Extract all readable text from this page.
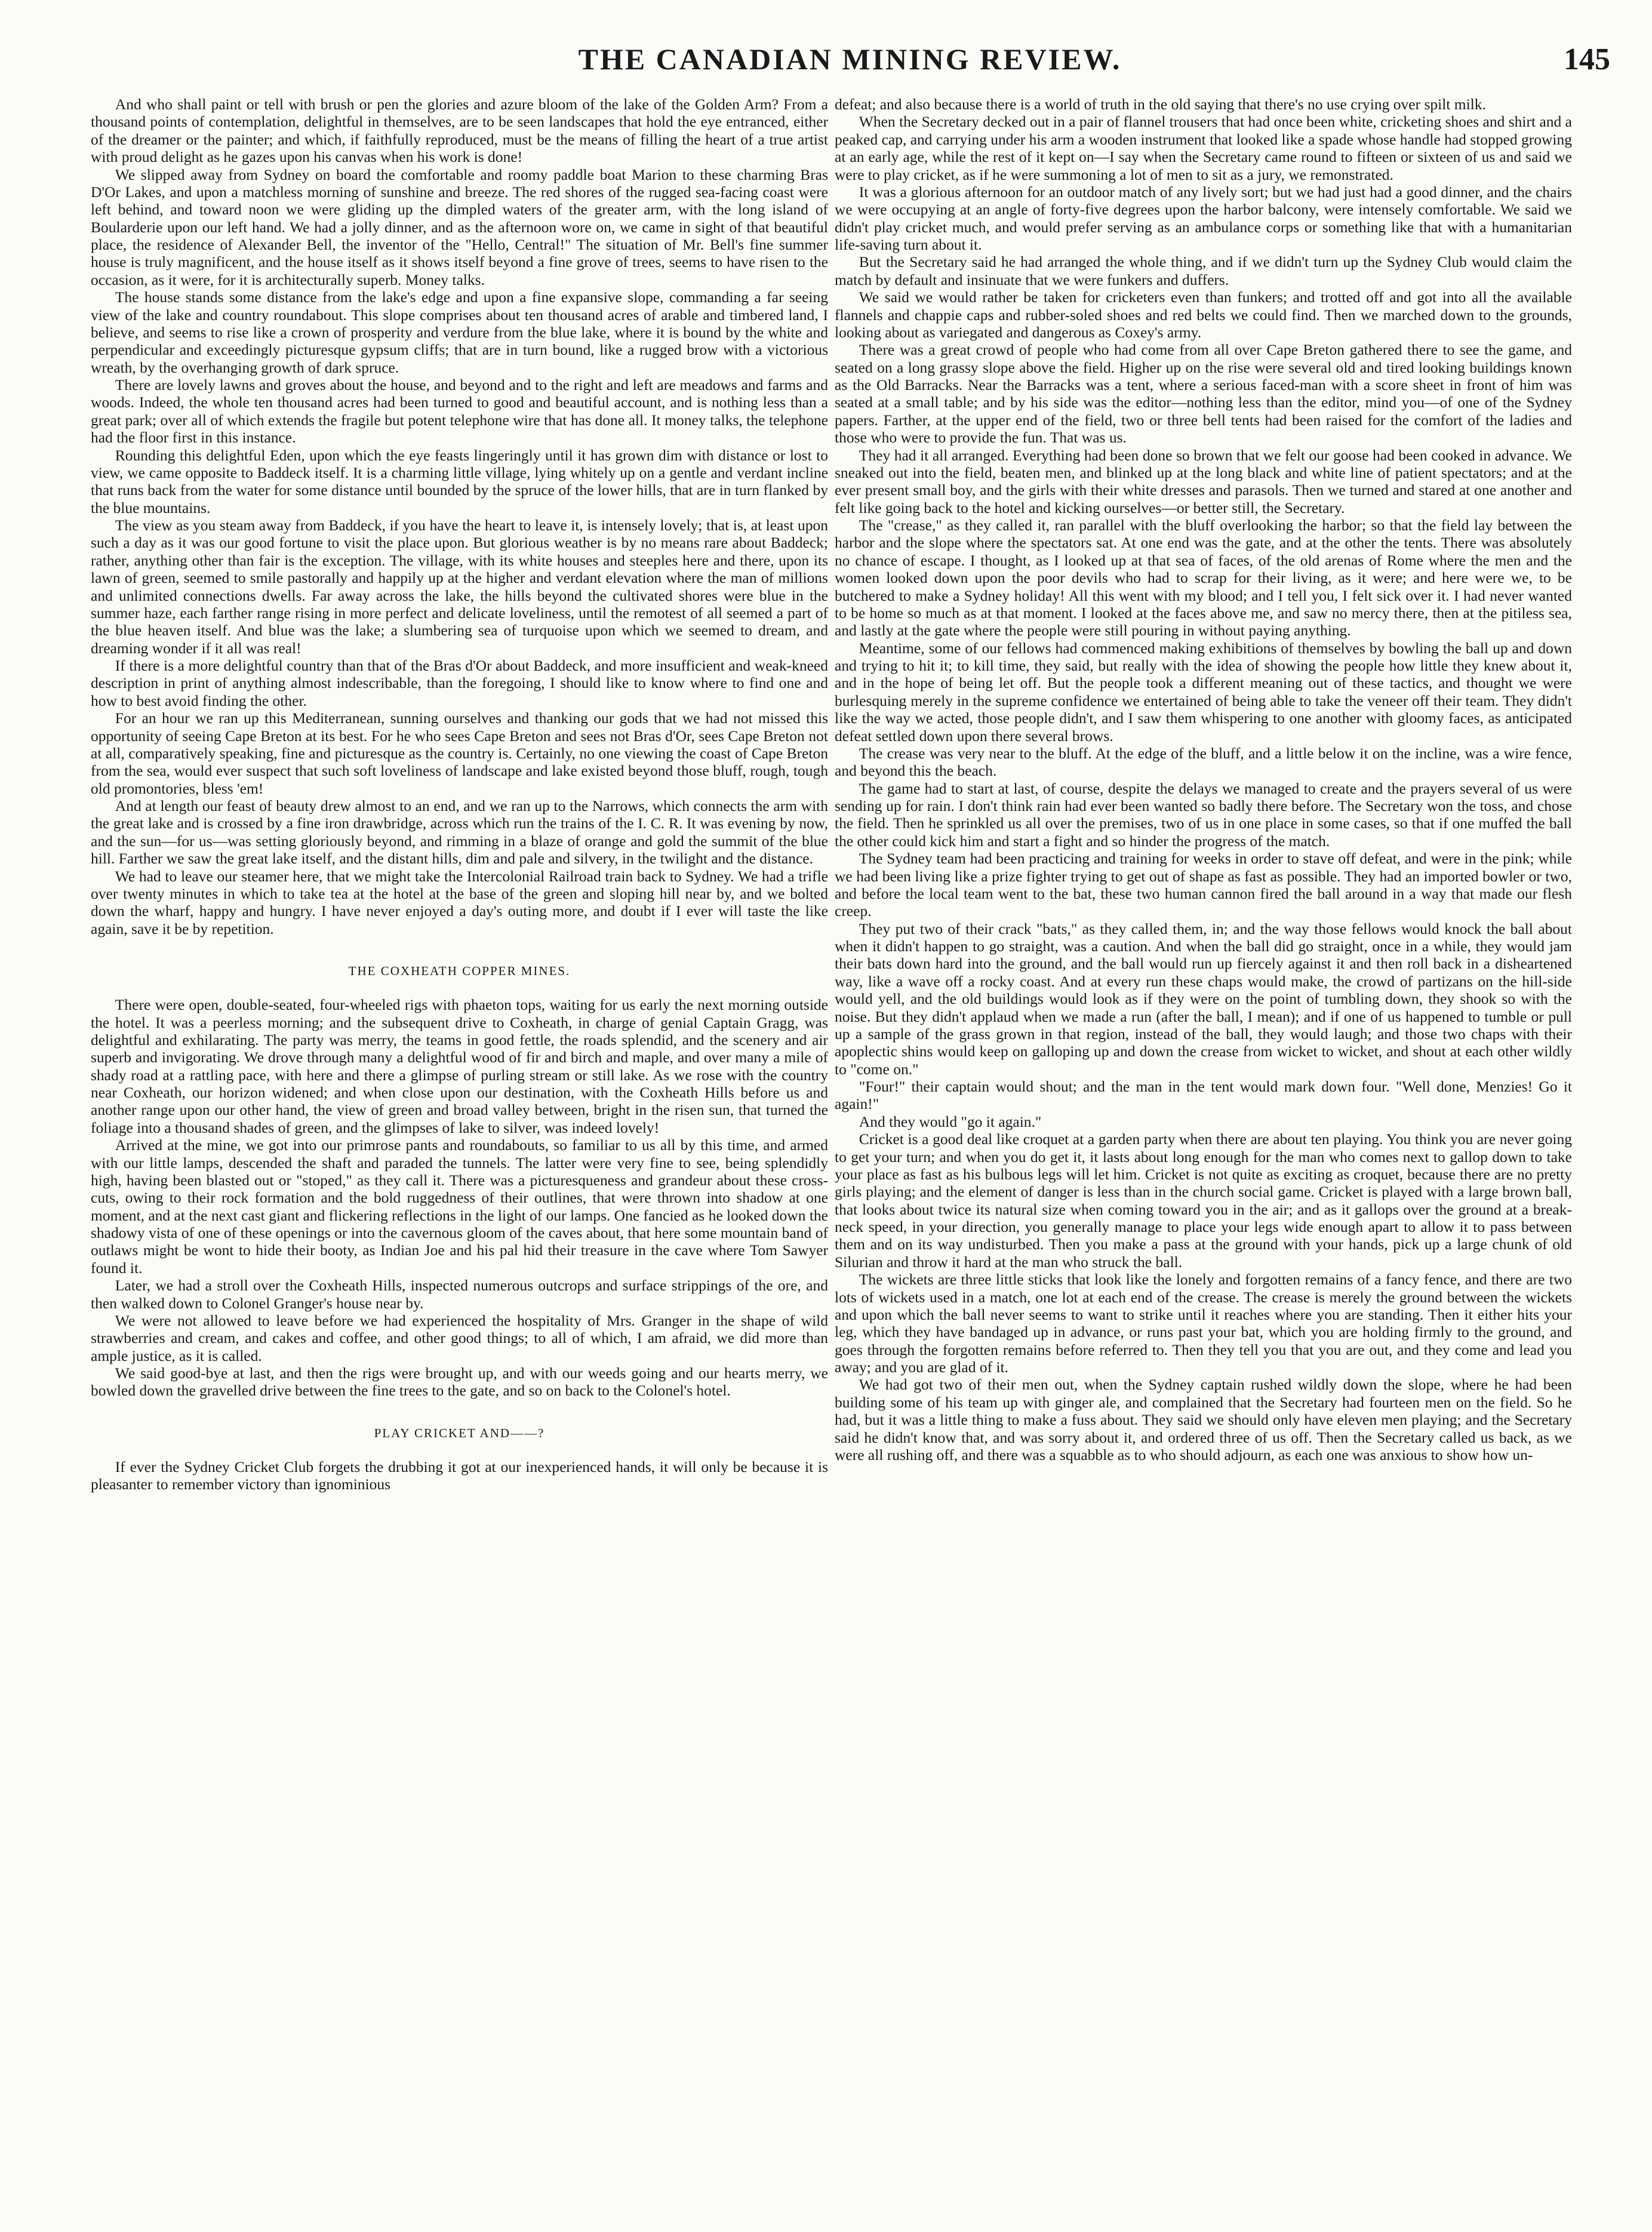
THE CANADIAN MINING REVIEW.	145

And who shall paint or tell with brush or pen the glories and azure bloom of the lake of the Golden Arm? From a thousand points of contemplation, delightful in themselves, are to be seen landscapes that hold the eye entranced, either of the dreamer or the painter; and which, if faithfully reproduced, must be the means of filling the heart of a true artist with proud delight as he gazes upon his canvas when his work is done!

We slipped away from Sydney on board the comfortable and roomy paddle boat Marion to these charming Bras D'Or Lakes, and upon a matchless morning of sunshine and breeze. The red shores of the rugged sea-facing coast were left behind, and toward noon we were gliding up the dimpled waters of the greater arm, with the long island of Boularderie upon our left hand. We had a jolly dinner, and as the afternoon wore on, we came in sight of that beautiful place, the residence of Alexander Bell, the inventor of the "Hello, Central!" The situation of Mr. Bell's fine summer house is truly magnificent, and the house itself as it shows itself beyond a fine grove of trees, seems to have risen to the occasion, as it were, for it is architecturally superb. Money talks.

The house stands some distance from the lake's edge and upon a fine expansive slope, commanding a far seeing view of the lake and country roundabout. This slope comprises about ten thousand acres of arable and timbered land, I believe, and seems to rise like a crown of prosperity and verdure from the blue lake, where it is bound by the white and perpendicular and exceedingly picturesque gypsum cliffs; that are in turn bound, like a rugged brow with a victorious wreath, by the overhanging growth of dark spruce.

There are lovely lawns and groves about the house, and beyond and to the right and left are meadows and farms and woods. Indeed, the whole ten thousand acres had been turned to good and beautiful account, and is nothing less than a great park; over all of which extends the fragile but potent telephone wire that has done all. It money talks, the telephone had the floor first in this instance.

Rounding this delightful Eden, upon which the eye feasts lingeringly until it has grown dim with distance or lost to view, we came opposite to Baddeck itself. It is a charming little village, lying whitely up on a gentle and verdant incline that runs back from the water for some distance until bounded by the spruce of the lower hills, that are in turn flanked by the blue mountains.

The view as you steam away from Baddeck, if you have the heart to leave it, is intensely lovely; that is, at least upon such a day as it was our good fortune to visit the place upon. But glorious weather is by no means rare about Baddeck; rather, anything other than fair is the exception. The village, with its white houses and steeples here and there, upon its lawn of green, seemed to smile pastorally and happily up at the higher and verdant elevation where the man of millions and unlimited connections dwells. Far away across the lake, the hills beyond the cultivated shores were blue in the summer haze, each farther range rising in more perfect and delicate loveliness, until the remotest of all seemed a part of the blue heaven itself. And blue was the lake; a slumbering sea of turquoise upon which we seemed to dream, and dreaming wonder if it all was real!

If there is a more delightful country than that of the Bras d'Or about Baddeck, and more insufficient and weak-kneed description in print of anything almost indescribable, than the foregoing, I should like to know where to find one and how to best avoid finding the other.

For an hour we ran up this Mediterranean, sunning ourselves and thanking our gods that we had not missed this opportunity of seeing Cape Breton at its best. For he who sees Cape Breton and sees not Bras d'Or, sees Cape Breton not at all, comparatively speaking, fine and picturesque as the country is. Certainly, no one viewing the coast of Cape Breton from the sea, would ever suspect that such soft loveliness of landscape and lake existed beyond those bluff, rough, tough old promontories, bless 'em!

And at length our feast of beauty drew almost to an end, and we ran up to the Narrows, which connects the arm with the great lake and is crossed by a fine iron drawbridge, across which run the trains of the I. C. R. It was evening by now, and the sun—for us—was setting gloriously beyond, and rimming in a blaze of orange and gold the summit of the blue hill. Farther we saw the great lake itself, and the distant hills, dim and pale and silvery, in the twilight and the distance.

We had to leave our steamer here, that we might take the Intercolonial Railroad train back to Sydney. We had a trifle over twenty minutes in which to take tea at the hotel at the base of the green and sloping hill near by, and we bolted down the wharf, happy and hungry. I have never enjoyed a day's outing more, and doubt if I ever will taste the like again, save it be by repetition.

THE COXHEATH COPPER MINES.

There were open, double-seated, four-wheeled rigs with phaeton tops, waiting for us early the next morning outside the hotel. It was a peerless morning; and the subsequent drive to Coxheath, in charge of genial Captain Gragg, was delightful and exhilarating. The party was merry, the teams in good fettle, the roads splendid, and the scenery and air superb and invigorating. We drove through many a delightful wood of fir and birch and maple, and over many a mile of shady road at a rattling pace, with here and there a glimpse of purling stream or still lake. As we rose with the country near Coxheath, our horizon widened; and when close upon our destination, with the Coxheath Hills before us and another range upon our other hand, the view of green and broad valley between, bright in the risen sun, that turned the foliage into a thousand shades of green, and the glimpses of lake to silver, was indeed lovely!

Arrived at the mine, we got into our primrose pants and roundabouts, so familiar to us all by this time, and armed with our little lamps, descended the shaft and paraded the tunnels. The latter were very fine to see, being splendidly high, having been blasted out or "stoped," as they call it. There was a picturesqueness and grandeur about these cross-cuts, owing to their rock formation and the bold ruggedness of their outlines, that were thrown into shadow at one moment, and at the next cast giant and flickering reflections in the light of our lamps. One fancied as he looked down the shadowy vista of one of these openings or into the cavernous gloom of the caves about, that here some mountain band of outlaws might be wont to hide their booty, as Indian Joe and his pal hid their treasure in the cave where Tom Sawyer found it.

Later, we had a stroll over the Coxheath Hills, inspected numerous outcrops and surface strippings of the ore, and then walked down to Colonel Granger's house near by.

We were not allowed to leave before we had experienced the hospitality of Mrs. Granger in the shape of wild strawberries and cream, and cakes and coffee, and other good things; to all of which, I am afraid, we did more than ample justice, as it is called.

We said good-bye at last, and then the rigs were brought up, and with our weeds going and our hearts merry, we bowled down the gravelled drive between the fine trees to the gate, and so on back to the Colonel's hotel.

PLAY CRICKET AND——?

If ever the Sydney Cricket Club forgets the drubbing it got at our inexperienced hands, it will only be because it is pleasanter to remember victory than ignominious

defeat; and also because there is a world of truth in the old saying that there's no use crying over spilt milk.

When the Secretary decked out in a pair of flannel trousers that had once been white, cricketing shoes and shirt and a peaked cap, and carrying under his arm a wooden instrument that looked like a spade whose handle had stopped growing at an early age, while the rest of it kept on—I say when the Secretary came round to fifteen or sixteen of us and said we were to play cricket, as if he were summoning a lot of men to sit as a jury, we remonstrated.

It was a glorious afternoon for an outdoor match of any lively sort; but we had just had a good dinner, and the chairs we were occupying at an angle of forty-five degrees upon the harbor balcony, were intensely comfortable. We said we didn't play cricket much, and would prefer serving as an ambulance corps or something like that with a humanitarian life-saving turn about it.

But the Secretary said he had arranged the whole thing, and if we didn't turn up the Sydney Club would claim the match by default and insinuate that we were funkers and duffers.

We said we would rather be taken for cricketers even than funkers; and trotted off and got into all the available flannels and chappie caps and rubber-soled shoes and red belts we could find. Then we marched down to the grounds, looking about as variegated and dangerous as Coxey's army.

There was a great crowd of people who had come from all over Cape Breton gathered there to see the game, and seated on a long grassy slope above the field. Higher up on the rise were several old and tired looking buildings known as the Old Barracks. Near the Barracks was a tent, where a serious faced-man with a score sheet in front of him was seated at a small table; and by his side was the editor—nothing less than the editor, mind you—of one of the Sydney papers. Farther, at the upper end of the field, two or three bell tents had been raised for the comfort of the ladies and those who were to provide the fun. That was us.

They had it all arranged. Everything had been done so brown that we felt our goose had been cooked in advance. We sneaked out into the field, beaten men, and blinked up at the long black and white line of patient spectators; and at the ever present small boy, and the girls with their white dresses and parasols. Then we turned and stared at one another and felt like going back to the hotel and kicking ourselves—or better still, the Secretary.

The "crease," as they called it, ran parallel with the bluff overlooking the harbor; so that the field lay between the harbor and the slope where the spectators sat. At one end was the gate, and at the other the tents. There was absolutely no chance of escape. I thought, as I looked up at that sea of faces, of the old arenas of Rome where the men and the women looked down upon the poor devils who had to scrap for their living, as it were; and here were we, to be butchered to make a Sydney holiday! All this went with my blood; and I tell you, I felt sick over it. I had never wanted to be home so much as at that moment. I looked at the faces above me, and saw no mercy there, then at the pitiless sea, and lastly at the gate where the people were still pouring in without paying anything.

Meantime, some of our fellows had commenced making exhibitions of themselves by bowling the ball up and down and trying to hit it; to kill time, they said, but really with the idea of showing the people how little they knew about it, and in the hope of being let off. But the people took a different meaning out of these tactics, and thought we were burlesquing merely in the supreme confidence we entertained of being able to take the veneer off their team. They didn't like the way we acted, those people didn't, and I saw them whispering to one another with gloomy faces, as anticipated defeat settled down upon there several brows.

The crease was very near to the bluff. At the edge of the bluff, and a little below it on the incline, was a wire fence, and beyond this the beach.

The game had to start at last, of course, despite the delays we managed to create and the prayers several of us were sending up for rain. I don't think rain had ever been wanted so badly there before. The Secretary won the toss, and chose the field. Then he sprinkled us all over the premises, two of us in one place in some cases, so that if one muffed the ball the other could kick him and start a fight and so hinder the progress of the match.

The Sydney team had been practicing and training for weeks in order to stave off defeat, and were in the pink; while we had been living like a prize fighter trying to get out of shape as fast as possible. They had an imported bowler or two, and before the local team went to the bat, these two human cannon fired the ball around in a way that made our flesh creep.

They put two of their crack "bats," as they called them, in; and the way those fellows would knock the ball about when it didn't happen to go straight, was a caution. And when the ball did go straight, once in a while, they would jam their bats down hard into the ground, and the ball would run up fiercely against it and then roll back in a disheartened way, like a wave off a rocky coast. And at every run these chaps would make, the crowd of partizans on the hill-side would yell, and the old buildings would look as if they were on the point of tumbling down, they shook so with the noise. But they didn't applaud when we made a run (after the ball, I mean); and if one of us happened to tumble or pull up a sample of the grass grown in that region, instead of the ball, they would laugh; and those two chaps with their apoplectic shins would keep on galloping up and down the crease from wicket to wicket, and shout at each other wildly to "come on."

"Four!" their captain would shout; and the man in the tent would mark down four. "Well done, Menzies! Go it again!"

And they would "go it again."

Cricket is a good deal like croquet at a garden party when there are about ten playing. You think you are never going to get your turn; and when you do get it, it lasts about long enough for the man who comes next to gallop down to take your place as fast as his bulbous legs will let him. Cricket is not quite as exciting as croquet, because there are no pretty girls playing; and the element of danger is less than in the church social game. Cricket is played with a large brown ball, that looks about twice its natural size when coming toward you in the air; and as it gallops over the ground at a break-neck speed, in your direction, you generally manage to place your legs wide enough apart to allow it to pass between them and on its way undisturbed. Then you make a pass at the ground with your hands, pick up a large chunk of old Silurian and throw it hard at the man who struck the ball.

The wickets are three little sticks that look like the lonely and forgotten remains of a fancy fence, and there are two lots of wickets used in a match, one lot at each end of the crease. The crease is merely the ground between the wickets and upon which the ball never seems to want to strike until it reaches where you are standing. Then it either hits your leg, which they have bandaged up in advance, or runs past your bat, which you are holding firmly to the ground, and goes through the forgotten remains before referred to. Then they tell you that you are out, and they come and lead you away; and you are glad of it.

We had got two of their men out, when the Sydney captain rushed wildly down the slope, where he had been building some of his team up with ginger ale, and complained that the Secretary had fourteen men on the field. So he had, but it was a little thing to make a fuss about. They said we should only have eleven men playing; and the Secretary said he didn't know that, and was sorry about it, and ordered three of us off. Then the Secretary called us back, as we were all rushing off, and there was a squabble as to who should adjourn, as each one was anxious to show how un-
